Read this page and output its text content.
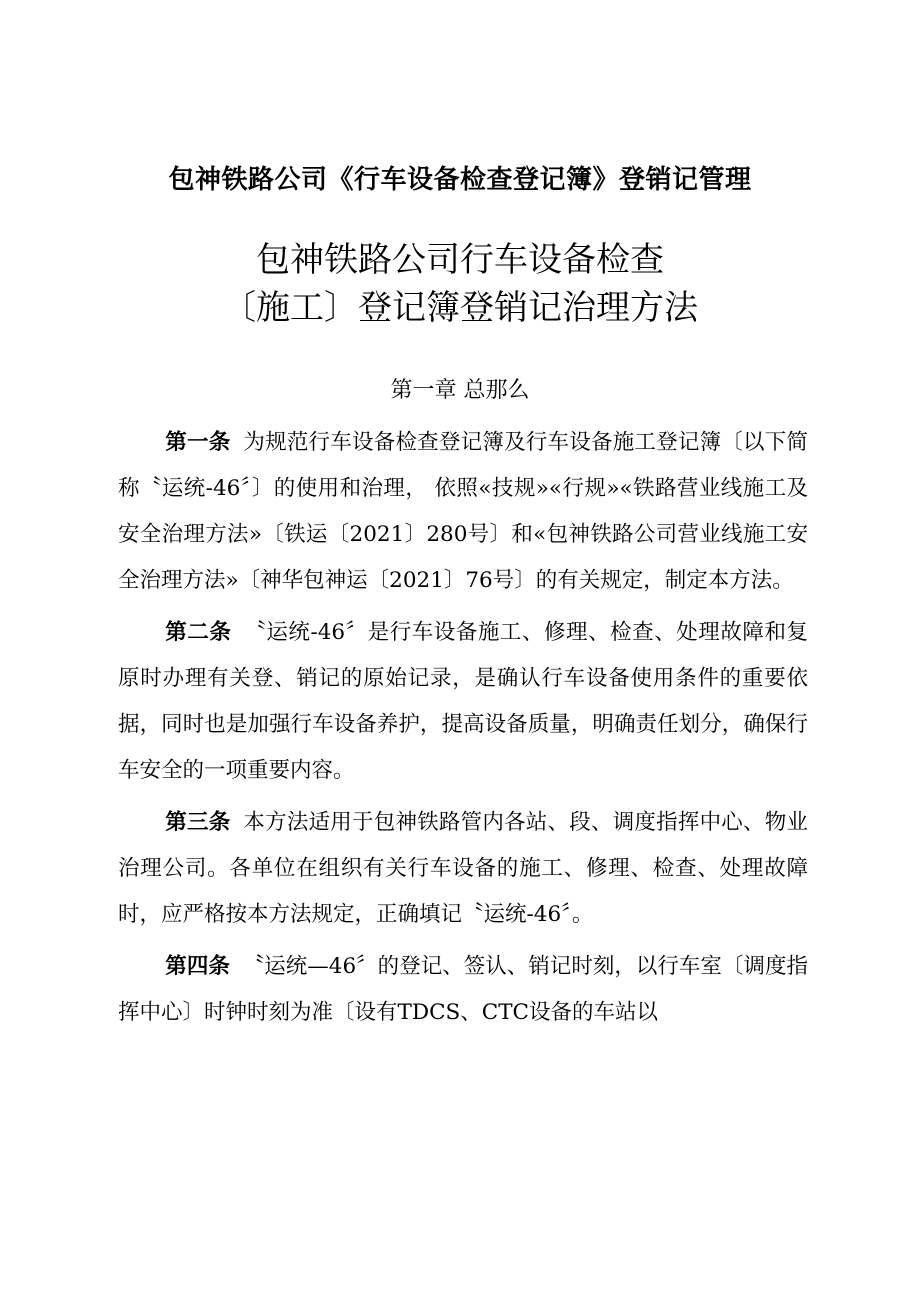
包神铁路公司《行车设备检查登记簿》登销记管理
包神铁路公司行车设备检查
〔施工〕登记簿登销记治理方法
第一章 总那么

第一条 为规范行车设备检查登记簿及行车设备施工登记簿〔以下简称〝运统-46〞〕的使用和治理， 依照«技规»«行规»«铁路营业线施工及安全治理方法»〔铁运〔2021〕280号〕和«包神铁路公司营业线施工安全治理方法»〔神华包神运〔2021〕76号〕的有关规定，制定本方法。

第二条 〝运统-46〞是行车设备施工、修理、检查、处理故障和复原时办理有关登、销记的原始记录，是确认行车设备使用条件的重要依据，同时也是加强行车设备养护，提高设备质量，明确责任划分，确保行车安全的一项重要内容。

第三条 本方法适用于包神铁路管内各站、段、调度指挥中心、物业治理公司。各单位在组织有关行车设备的施工、修理、检查、处理故障时，应严格按本方法规定，正确填记〝运统-46〞。

第四条 〝运统—46〞的登记、签认、销记时刻，以行车室〔调度指挥中心〕时钟时刻为准〔设有TDCS、CTC设备的车站以
